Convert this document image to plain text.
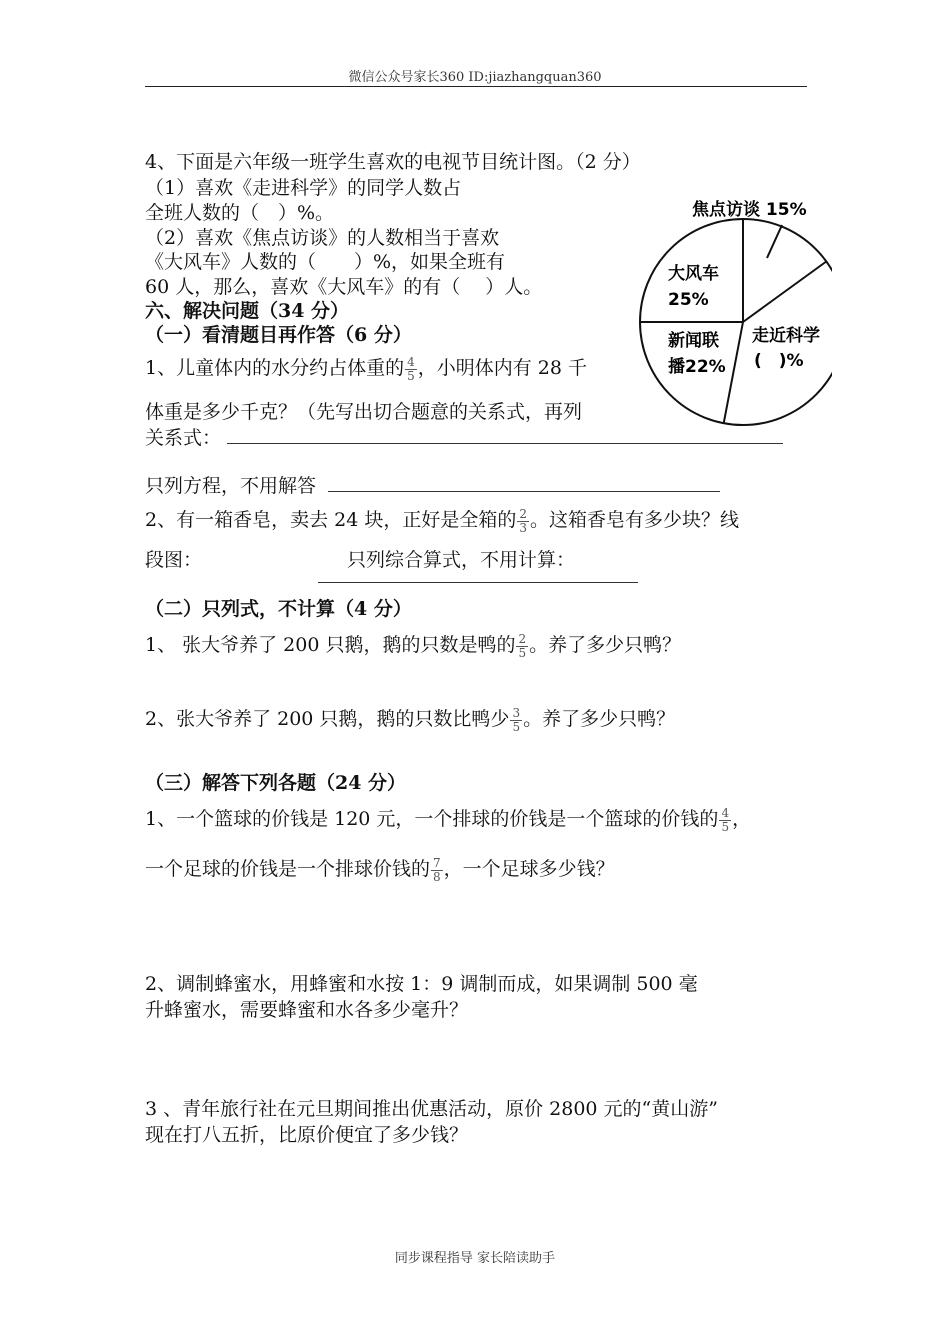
微信公众号家长360 ID:jiazhangquan360
4、下面是六年级一班学生喜欢的电视节目统计图。（2 分）
（1）喜欢《走进科学》的同学人数占
全班人数的（　）%。
（2）喜欢《焦点访谈》的人数相当于喜欢
《大风车》人数的（　　）%，如果全班有
60 人，那么，喜欢《大风车》的有（　 ）人。
六、解决问题（34 分）
（一）看清题目再作答（6 分）
1、儿童体内的水分约占体重的 $\frac{4}{5}$ ，小明体内有 28 千
体重是多少千克？（先写出切合题意的关系式，再列
关系式：
只列方程，不用解答
2、有一箱香皂，卖去 24 块，正好是全箱的 $\frac{2}{3}$ 。这箱香皂有多少块？线
段图：	只列综合算式，不用计算：
（二）只列式，不计算（4 分）
1、 张大爷养了 200 只鹅，鹅的只数是鸭的 $\frac{2}{5}$ 。养了多少只鸭？
2、张大爷养了 200 只鹅，鹅的只数比鸭少 $\frac{3}{5}$ 。养了多少只鸭？
（三）解答下列各题（24 分）
1、一个篮球的价钱是 120 元，一个排球的价钱是一个篮球的价钱的 $\frac{4}{5}$ ，
一个足球的价钱是一个排球价钱的 $\frac{7}{8}$ ，一个足球多少钱？
2、调制蜂蜜水，用蜂蜜和水按 1：9 调制而成，如果调制 500 毫
升蜂蜜水，需要蜂蜜和水各多少毫升？
3 、青年旅行社在元旦期间推出优惠活动，原价 2800 元的“黄山游”
现在打八五折，比原价便宜了多少钱？
焦点访谈 15%
走近科学
(　)%
新闻联
播22%
大风车
25%
同步课程指导 家长陪读助手
